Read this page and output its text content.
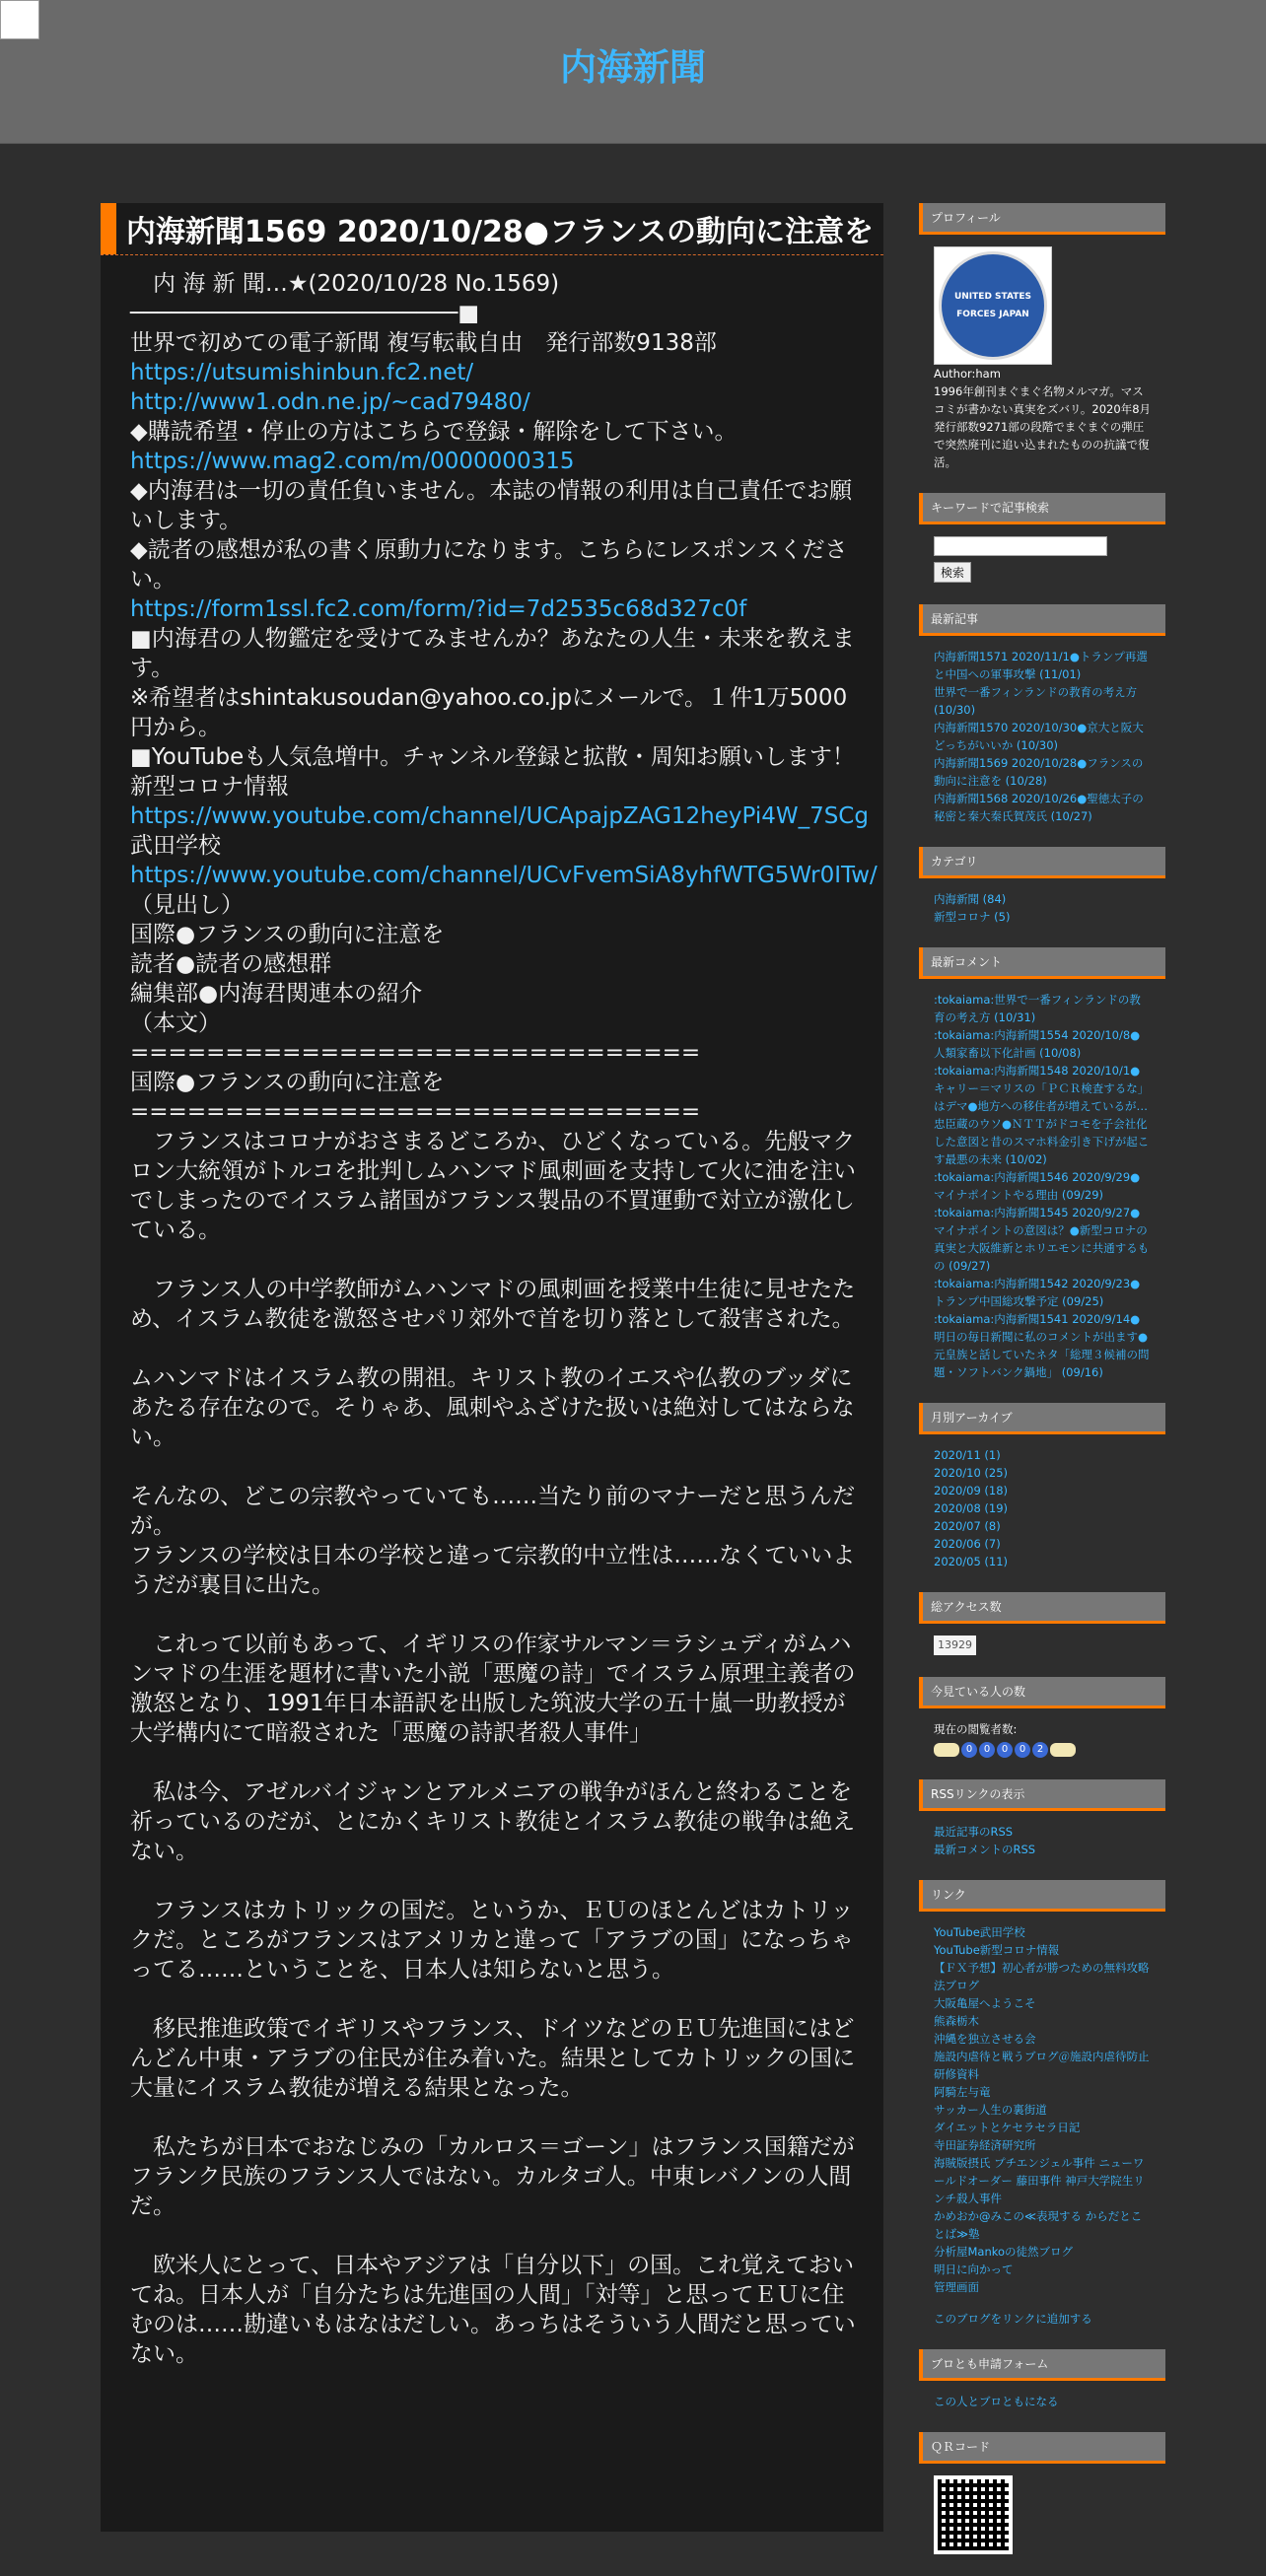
内海新聞
内海新聞1569 2020/10/28●フランスの動向に注意を

　内 海 新 聞…★(2020/10/28 No.1569)

────────────────────────■

世界で初めての電子新聞 複写転載自由　発行部数9138部

https://utsumishinbun.fc2.net/
http://www1.odn.ne.jp/~cad79480/

◆購読希望・停止の方はこちらで登録・解除をして下さい。

https://www.mag2.com/m/0000000315

◆内海君は一切の責任負いません。本誌の情報の利用は自己責任でお願いします。

◆読者の感想が私の書く原動力になります。こちらにレスポンスください。

https://form1ssl.fc2.com/form/?id=7d2535c68d327c0f

■内海君の人物鑑定を受けてみませんか？あなたの人生・未来を教えます。

※希望者はshintakusoudan@yahoo.co.jpにメールで。１件1万5000円から。

■YouTubeも人気急増中。チャンネル登録と拡散・周知お願いします！

新型コロナ情報

https://www.youtube.com/channel/UCApajpZAG12heyPi4W_7SCg

武田学校

https://www.youtube.com/channel/UCvFvemSiA8yhfWTG5Wr0ITw/

（見出し）

国際●フランスの動向に注意を

読者●読者の感想群

編集部●内海君関連本の紹介

（本文）

==============================

国際●フランスの動向に注意を

==============================

　フランスはコロナがおさまるどころか、ひどくなっている。先般マクロン大統領がトルコを批判しムハンマド風刺画を支持して火に油を注いでしまったのでイスラム諸国がフランス製品の不買運動で対立が激化している。

　フランス人の中学教師がムハンマドの風刺画を授業中生徒に見せたため、イスラム教徒を激怒させパリ郊外で首を切り落として殺害された。

ムハンマドはイスラム教の開祖。キリスト教のイエスや仏教のブッダにあたる存在なので。そりゃあ、風刺やふざけた扱いは絶対してはならない。

そんなの、どこの宗教やっていても……当たり前のマナーだと思うんだが。

フランスの学校は日本の学校と違って宗教的中立性は……なくていいようだが裏目に出た。

　これって以前もあって、イギリスの作家サルマン＝ラシュディがムハンマドの生涯を題材に書いた小説「悪魔の詩」でイスラム原理主義者の激怒となり、1991年日本語訳を出版した筑波大学の五十嵐一助教授が大学構内にて暗殺された「悪魔の詩訳者殺人事件」

　私は今、アゼルバイジャンとアルメニアの戦争がほんと終わることを祈っているのだが、とにかくキリスト教徒とイスラム教徒の戦争は絶えない。

　フランスはカトリックの国だ。というか、ＥＵのほとんどはカトリックだ。ところがフランスはアメリカと違って「アラブの国」になっちゃってる……ということを、日本人は知らないと思う。

　移民推進政策でイギリスやフランス、ドイツなどのＥＵ先進国にはどんどん中東・アラブの住民が住み着いた。結果としてカトリックの国に大量にイスラム教徒が増える結果となった。

　私たちが日本でおなじみの「カルロス＝ゴーン」はフランス国籍だがフランク民族のフランス人ではない。カルタゴ人。中東レバノンの人間だ。

　欧米人にとって、日本やアジアは「自分以下」の国。これ覚えておいてね。日本人が「自分たちは先進国の人間」「対等」と思ってＥＵに住むのは……勘違いもはなはだしい。あっちはそういう人間だと思っていない。

プロフィール
UNITED STATES FORCES JAPAN
Author:ham
1996年創刊まぐまぐ名物メルマガ。マスコミが書かない真実をズバリ。2020年8月発行部数9271部の段階でまぐまぐの弾圧で突然廃刊に追い込まれたものの抗議で復活。
キーワードで記事検索

検索
最新記事
内海新聞1571 2020/11/1●トランプ再選と中国への軍事攻撃 (11/01)
世界で一番フィンランドの教育の考え方 (10/30)
内海新聞1570 2020/10/30●京大と阪大どっちがいいか (10/30)
内海新聞1569 2020/10/28●フランスの動向に注意を (10/28)
内海新聞1568 2020/10/26●聖徳太子の秘密と秦大秦氏賀茂氏 (10/27)
カテゴリ
内海新聞 (84)
新型コロナ (5)
最新コメント
:tokaiama:世界で一番フィンランドの教育の考え方 (10/31)
:tokaiama:内海新聞1554 2020/10/8●人類家畜以下化計画 (10/08)
:tokaiama:内海新聞1548 2020/10/1●キャリー＝マリスの「ＰＣＲ検査するな」はデマ●地方への移住者が増えているが…忠臣蔵のウソ●ＮＴＴがドコモを子会社化した意図と昔のスマホ料金引き下げが起こす最悪の未来 (10/02)
:tokaiama:内海新聞1546 2020/9/29●マイナポイントやる理由 (09/29)
:tokaiama:内海新聞1545 2020/9/27●マイナポイントの意図は？●新型コロナの真実と大阪維新とホリエモンに共通するもの (09/27)
:tokaiama:内海新聞1542 2020/9/23●トランプ中国総攻撃予定 (09/25)
:tokaiama:内海新聞1541 2020/9/14●明日の毎日新聞に私のコメントが出ます●元皇族と話していたネタ「総理３候補の問題・ソフトバンク鍋地」 (09/16)
月別アーカイブ
2020/11 (1)
2020/10 (25)
2020/09 (18)
2020/08 (19)
2020/07 (8)
2020/06 (7)
2020/05 (11)
総アクセス数
13929
今見ている人の数
現在の閲覧者数:
0	0	0	0	2
RSSリンクの表示
最近記事のRSS
最新コメントのRSS
リンク
YouTube武田学校
YouTube新型コロナ情報
【ＦＸ予想】初心者が勝つための無料攻略法ブログ
大阪亀屋へようこそ
熊森栃木
沖縄を独立させる会
施設内虐待と戦うブログ＠施設内虐待防止研修資料
阿騎左与竜
サッカー人生の裏街道
ダイエットとケセラセラ日記
寺田証券経済研究所
海賊版摂氏 プチエンジェル事件 ニューワールドオーダー 藤田事件 神戸大学院生リンチ殺人事件
かめおか@みこの≪表現する からだとことば≫塾
分析屋Mankoの徒然ブログ
明日に向かって
管理画面
このブログをリンクに追加する
ブロとも申請フォーム
この人とブロともになる
ＱＲコード
